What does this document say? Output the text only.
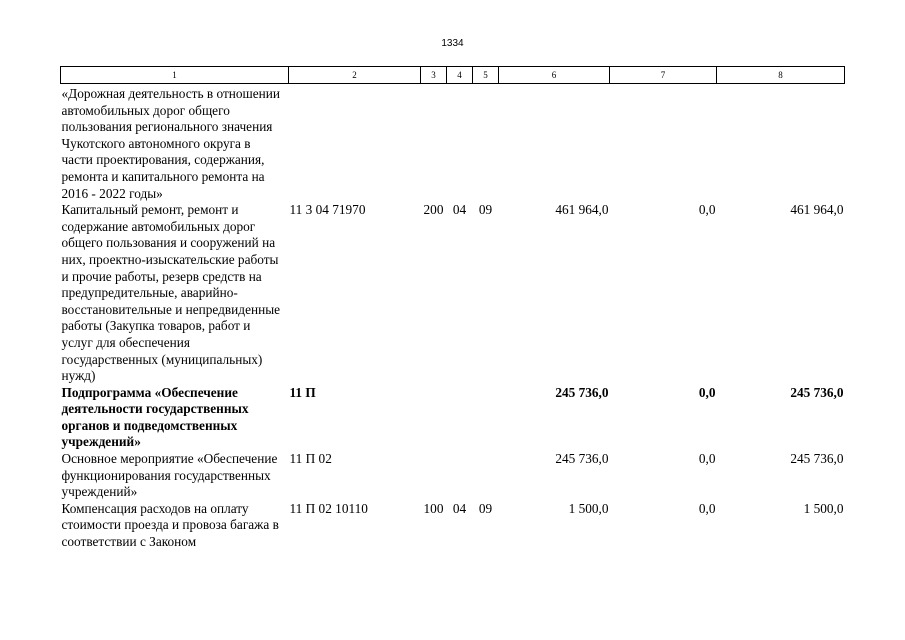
1334
1	2	3	4	5	6	7	8
«Дорожная деятельность в отношении автомобильных дорог общего пользования регионального значения Чукотского автономного округа в части проектирования, содержания, ремонта и капитального ремонта на 2016 - 2022 годы»							
Капитальный ремонт, ремонт и содержание автомобильных дорог общего пользования и сооружений на них, проектно-изыскательские работы и прочие работы, резерв средств на предупредительные, аварийно-восстановительные и непредвиденные работы (Закупка товаров, работ и услуг для обеспечения государственных (муниципальных) нужд)	11 3 04 71970	200	04	09	461 964,0	0,0	461 964,0
Подпрограмма «Обеспечение деятельности государственных органов и подведомственных учреждений»	11 П				245 736,0	0,0	245 736,0
Основное мероприятие «Обеспечение функционирования государственных учреждений»	11 П 02				245 736,0	0,0	245 736,0
Компенсация расходов на оплату стоимости проезда и провоза багажа в соответствии с Законом	11 П 02 10110	100	04	09	1 500,0	0,0	1 500,0
